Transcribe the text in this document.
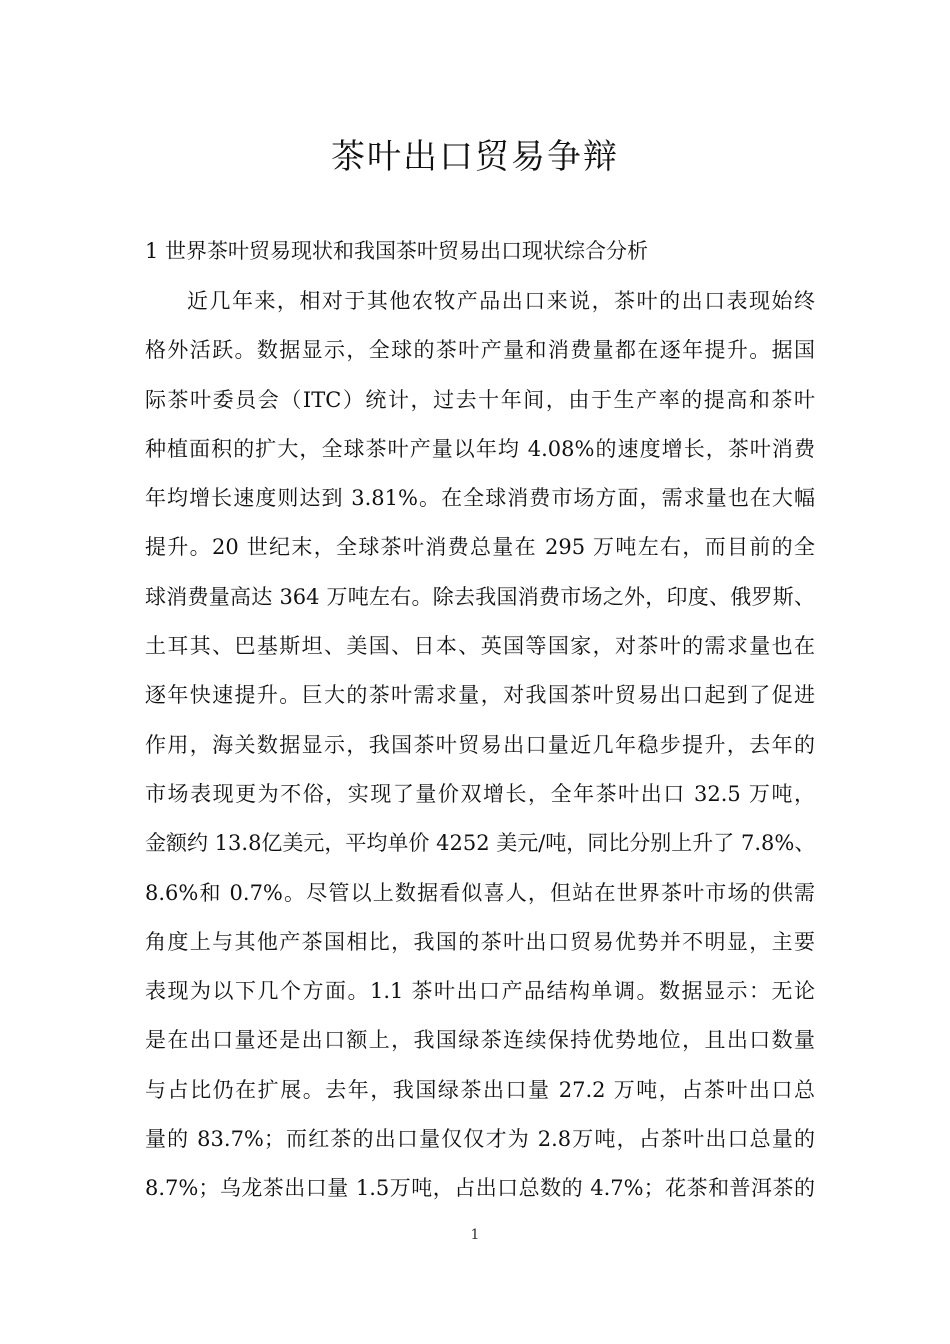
茶叶出口贸易争辩
1 世界茶叶贸易现状和我国茶叶贸易出口现状综合分析
近几年来，相对于其他农牧产品出口来说，茶叶的出口表现始终
格外活跃。数据显示，全球的茶叶产量和消费量都在逐年提升。据国
际茶叶委员会（ITC）统计，过去十年间，由于生产率的提高和茶叶
种植面积的扩大，全球茶叶产量以年均 4.08%的速度增长，茶叶消费
年均增长速度则达到 3.81%。在全球消费市场方面，需求量也在大幅
提升。20 世纪末，全球茶叶消费总量在 295 万吨左右，而目前的全
球消费量高达 364 万吨左右。除去我国消费市场之外，印度、俄罗斯、
土耳其、巴基斯坦、美国、日本、英国等国家，对茶叶的需求量也在
逐年快速提升。巨大的茶叶需求量，对我国茶叶贸易出口起到了促进
作用，海关数据显示，我国茶叶贸易出口量近几年稳步提升，去年的
市场表现更为不俗，实现了量价双增长，全年茶叶出口 32.5 万吨，
金额约 13.8亿美元，平均单价 4252 美元/吨，同比分别上升了 7.8%、
8.6%和 0.7%。尽管以上数据看似喜人，但站在世界茶叶市场的供需
角度上与其他产茶国相比，我国的茶叶出口贸易优势并不明显，主要
表现为以下几个方面。1.1 茶叶出口产品结构单调。数据显示：无论
是在出口量还是出口额上，我国绿茶连续保持优势地位，且出口数量
与占比仍在扩展。去年，我国绿茶出口量 27.2 万吨，占茶叶出口总
量的 83.7%；而红茶的出口量仅仅才为 2.8万吨，占茶叶出口总量的
8.7%；乌龙茶出口量 1.5万吨，占出口总数的 4.7%；花茶和普洱茶的
1
